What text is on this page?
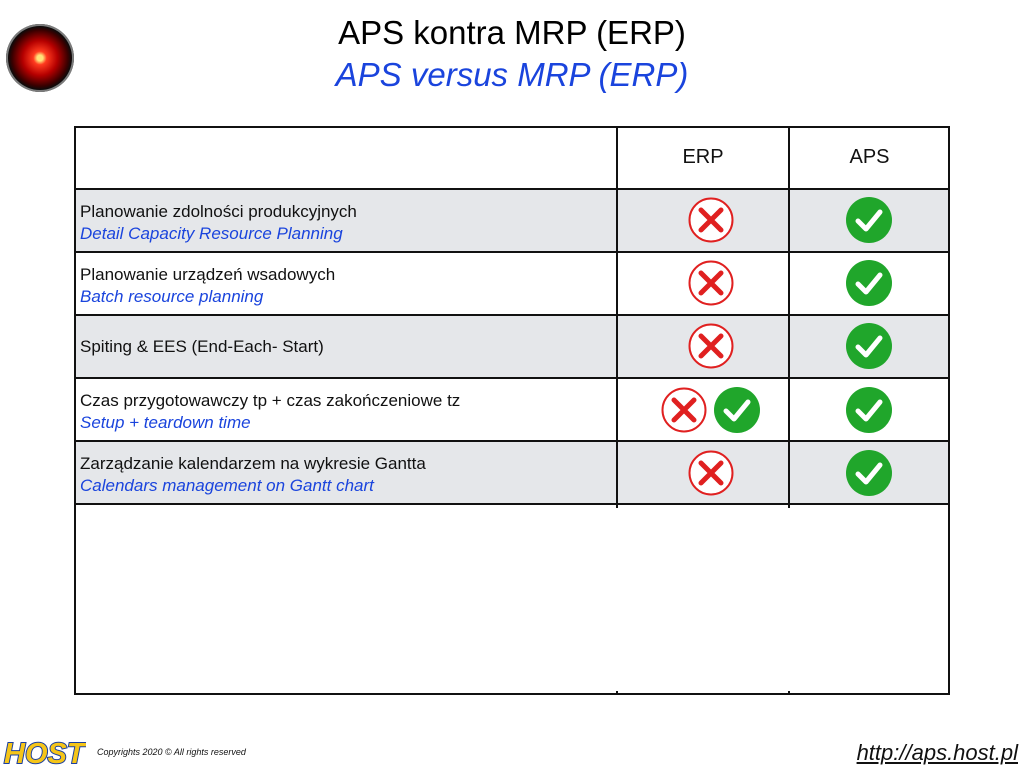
APS kontra MRP (ERP)
APS versus MRP (ERP)
ERP	APS
Planowanie zdolności produkcyjnych
Detail Capacity Resource Planning
Planowanie urządzeń wsadowych
Batch resource planning
Spiting & EES (End-Each- Start)
Czas przygotowawczy tp + czas zakończeniowe tz
Setup + teardown time
Zarządzanie kalendarzem na wykresie Gantta
Calendars management on Gantt chart
HOST Copyrights 2020 © All rights reserved	http://aps.host.pl
